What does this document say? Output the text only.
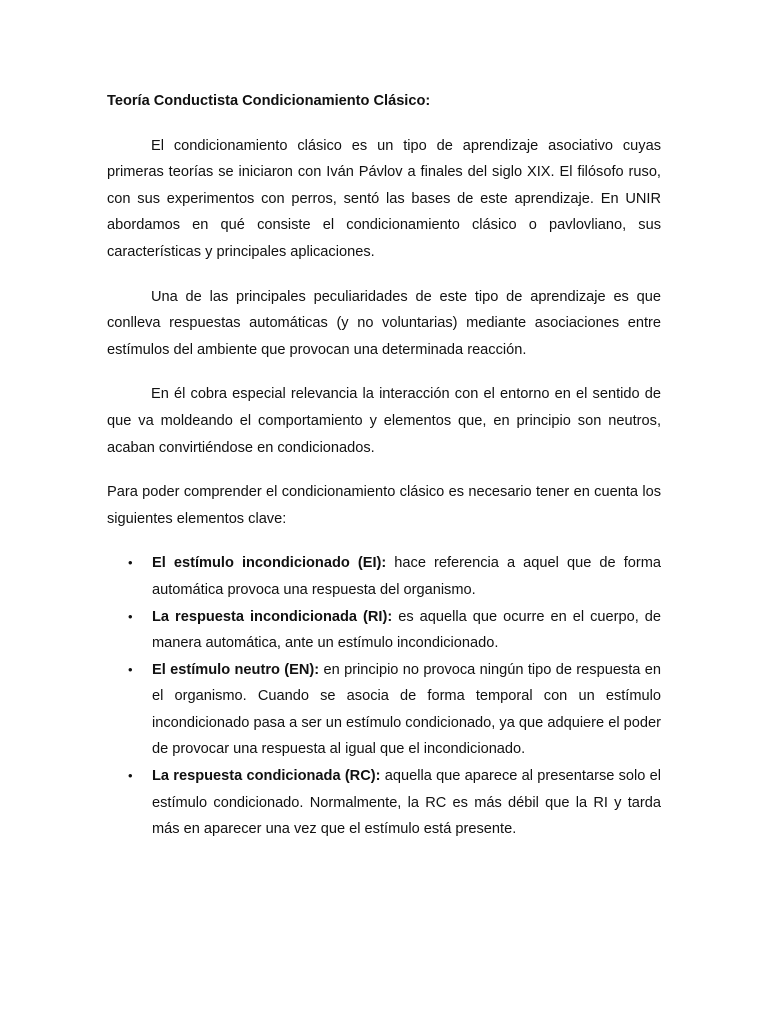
Teoría Conductista Condicionamiento Clásico:

El condicionamiento clásico es un tipo de aprendizaje asociativo cuyas primeras teorías se iniciaron con Iván Pávlov a finales del siglo XIX. El filósofo ruso, con sus experimentos con perros, sentó las bases de este aprendizaje. En UNIR abordamos en qué consiste el condicionamiento clásico o pavlovliano, sus características y principales aplicaciones.

Una de las principales peculiaridades de este tipo de aprendizaje es que conlleva respuestas automáticas (y no voluntarias) mediante asociaciones entre estímulos del ambiente que provocan una determinada reacción.

En él cobra especial relevancia la interacción con el entorno en el sentido de que va moldeando el comportamiento y elementos que, en principio son neutros, acaban convirtiéndose en condicionados.

Para poder comprender el condicionamiento clásico es necesario tener en cuenta los siguientes elementos clave:

• El estímulo incondicionado (EI): hace referencia a aquel que de forma automática provoca una respuesta del organismo.
• La respuesta incondicionada (RI): es aquella que ocurre en el cuerpo, de manera automática, ante un estímulo incondicionado.
• El estímulo neutro (EN): en principio no provoca ningún tipo de respuesta en el organismo. Cuando se asocia de forma temporal con un estímulo incondicionado pasa a ser un estímulo condicionado, ya que adquiere el poder de provocar una respuesta al igual que el incondicionado.
• La respuesta condicionada (RC): aquella que aparece al presentarse solo el estímulo condicionado. Normalmente, la RC es más débil que la RI y tarda más en aparecer una vez que el estímulo está presente.
